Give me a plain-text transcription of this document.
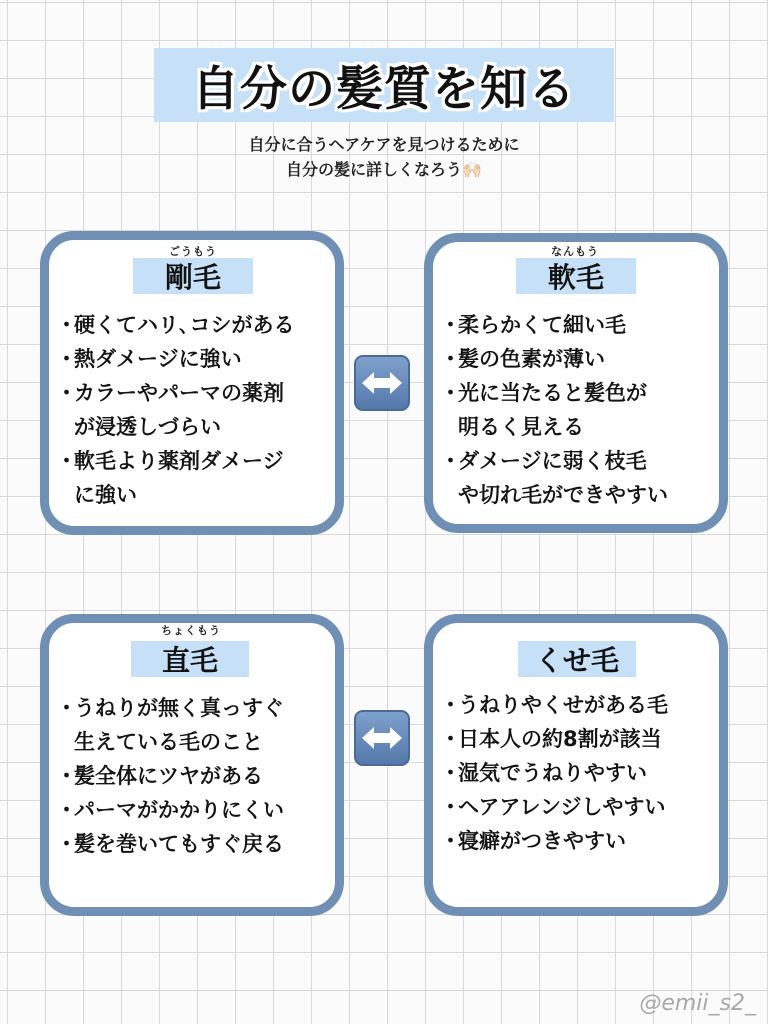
自分の髪質を知る
自分に合うヘアケアを見つけるために
自分の髪に詳しくなろう🙌🏻
ごうもう
剛毛
・
硬くてハリ､コシがある
・
熱ダメージに強い
・
カラーやパーマの薬剤
が浸透しづらい
・
軟毛より薬剤ダメージ
に強い
なんもう
軟毛
・
柔らかくて細い毛
・
髪の色素が薄い
・
光に当たると髪色が
明るく見える
・
ダメージに弱く枝毛
や切れ毛ができやすい
ちょくもう
直毛
・
うねりが無く真っすぐ
生えている毛のこと
・
髪全体にツヤがある
・
パーマがかかりにくい
・
髪を巻いてもすぐ戻る
くせ毛
・
うねりやくせがある毛
・
日本人の約8割が該当
・
湿気でうねりやすい
・
ヘアアレンジしやすい
・
寝癖がつきやすい
@emii_s2_
